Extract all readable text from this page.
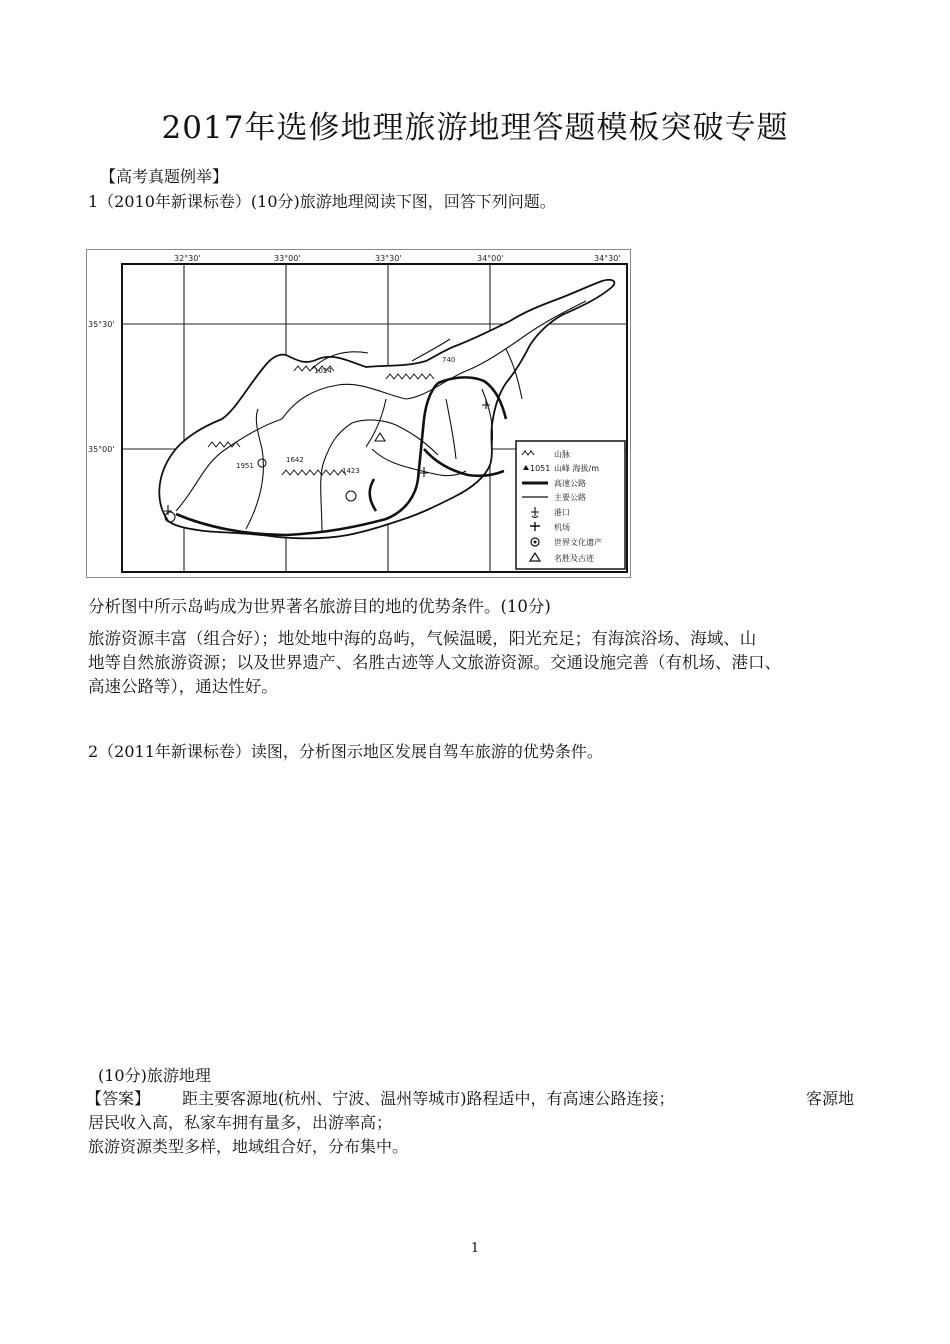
2017年选修地理旅游地理答题模板突破专题
【高考真题例举】
1（2010年新课标卷）(10分)旅游地理阅读下图，回答下列问题。
32°30'	33°00'	33°30'	34°00'	34°30'
35°30'
35°00'
1024
740
1642
1951
1423
山脉
1051 山峰 海拔/m
高速公路
主要公路
港口
机场
世界文化遗产
名胜及古迹
分析图中所示岛屿成为世界著名旅游目的地的优势条件。(10分)
旅游资源丰富（组合好）；地处地中海的岛屿，气候温暖，阳光充足；有海滨浴场、海域、山
地等自然旅游资源；以及世界遗产、名胜古迹等人文旅游资源。交通设施完善（有机场、港口、
高速公路等），通达性好。
2（2011年新课标卷）读图，分析图示地区发展自驾车旅游的优势条件。
(10分)旅游地理
【答案】 距主要客源地(杭州、宁波、温州等城市)路程适中，有高速公路连接；	客源地
居民收入高，私家车拥有量多，出游率高；
旅游资源类型多样，地域组合好，分布集中。
1
